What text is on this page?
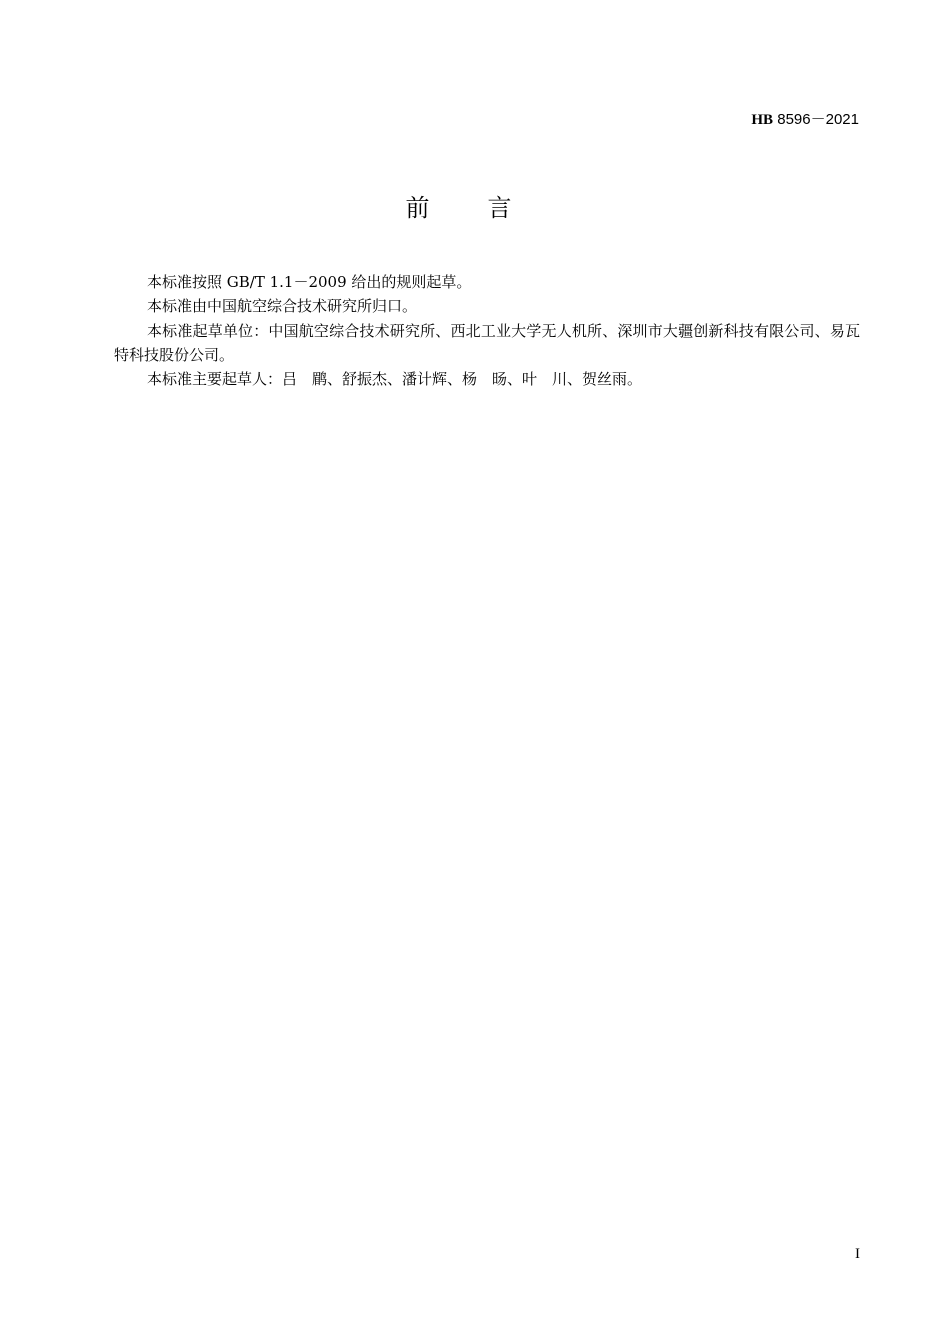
HB 8596－2021
前言

本标准按照 GB/T 1.1－2009 给出的规则起草。

本标准由中国航空综合技术研究所归口。

本标准起草单位：中国航空综合技术研究所、西北工业大学无人机所、深圳市大疆创新科技有限公司、易瓦特科技股份公司。

本标准主要起草人：吕　鹛、舒振杰、潘计辉、杨　旸、叶　川、贺丝雨。

I
